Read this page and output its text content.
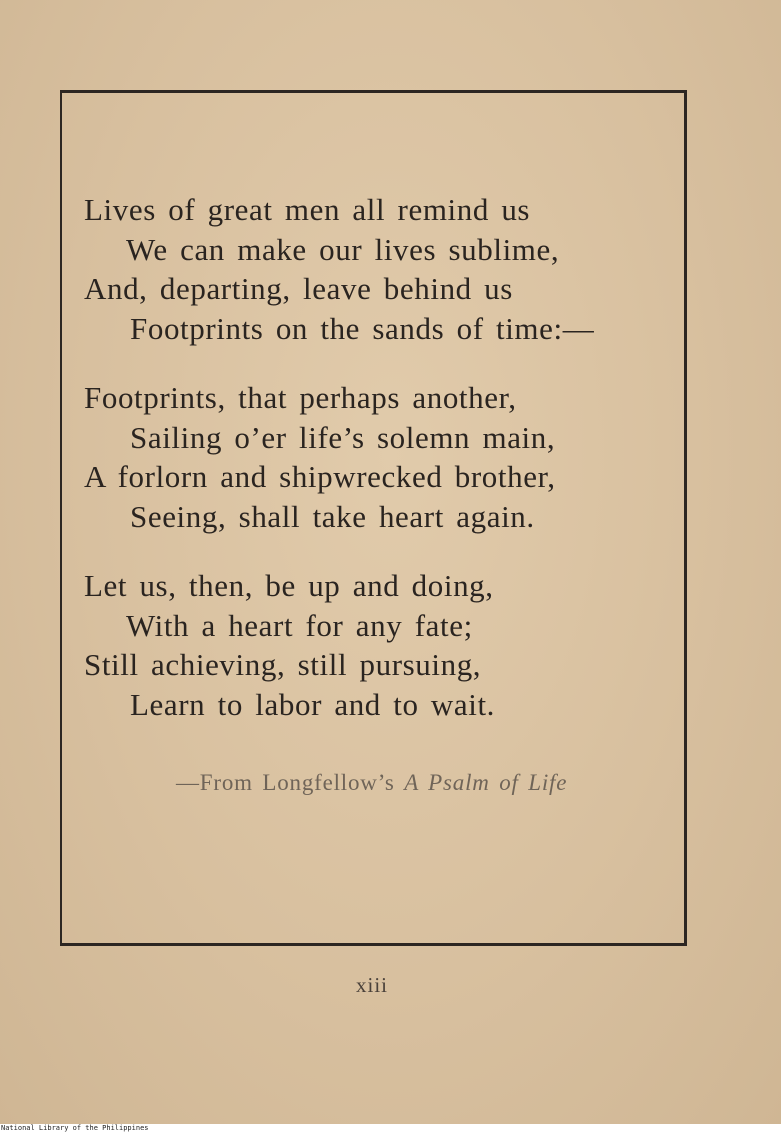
Lives of great men all remind us
We can make our lives sublime,
And, departing, leave behind us
Footprints on the sands of time:—
Footprints, that perhaps another,
Sailing o’er life’s solemn main,
A forlorn and shipwrecked brother,
Seeing, shall take heart again.
Let us, then, be up and doing,
With a heart for any fate;
Still achieving, still pursuing,
Learn to labor and to wait.
—From Longfellow’s A Psalm of Life
xiii
National Library of the Philippines
